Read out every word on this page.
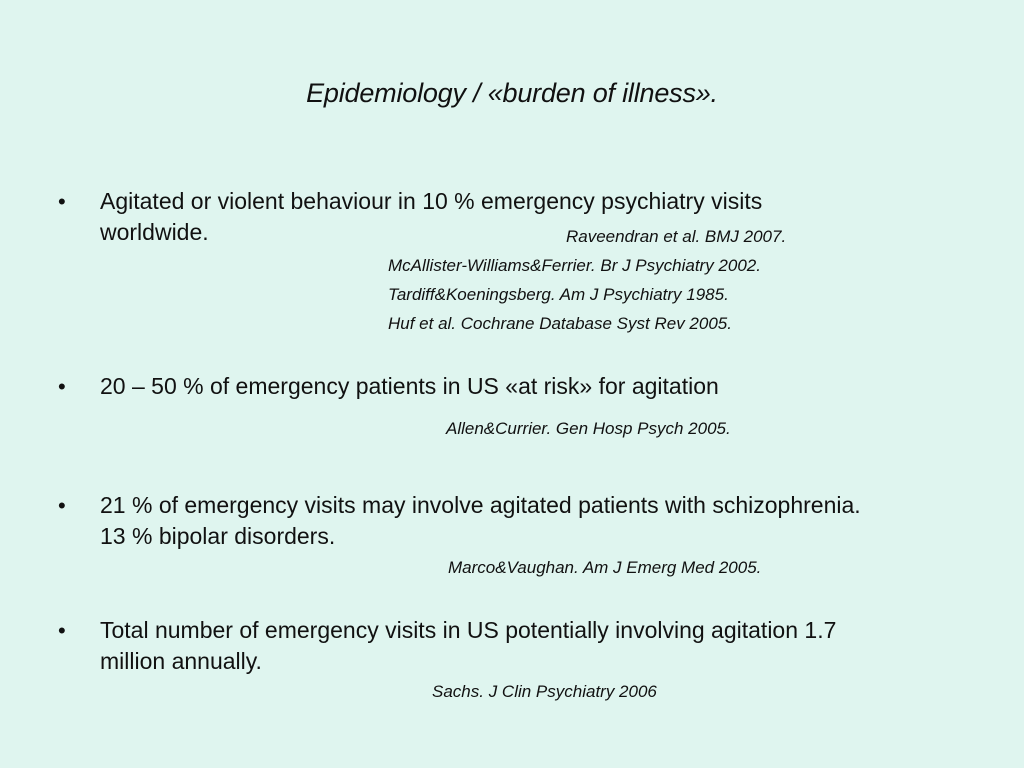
Epidemiology / «burden of illness».
• Agitated or violent behaviour in 10 % emergency psychiatry visits
worldwide.	Raveendran et al. BMJ 2007.
McAllister-Williams&Ferrier. Br J Psychiatry 2002.
Tardiff&Koeningsberg. Am J Psychiatry 1985.
Huf et al. Cochrane Database Syst Rev 2005.
• 20 – 50 % of emergency patients in US «at risk» for agitation
Allen&Currier. Gen Hosp Psych 2005.
• 21 % of emergency visits may involve agitated patients with schizophrenia.
13 % bipolar disorders.
Marco&Vaughan. Am J Emerg Med 2005.
• Total number of emergency visits in US potentially involving agitation 1.7
million annually.
Sachs. J Clin Psychiatry 2006
